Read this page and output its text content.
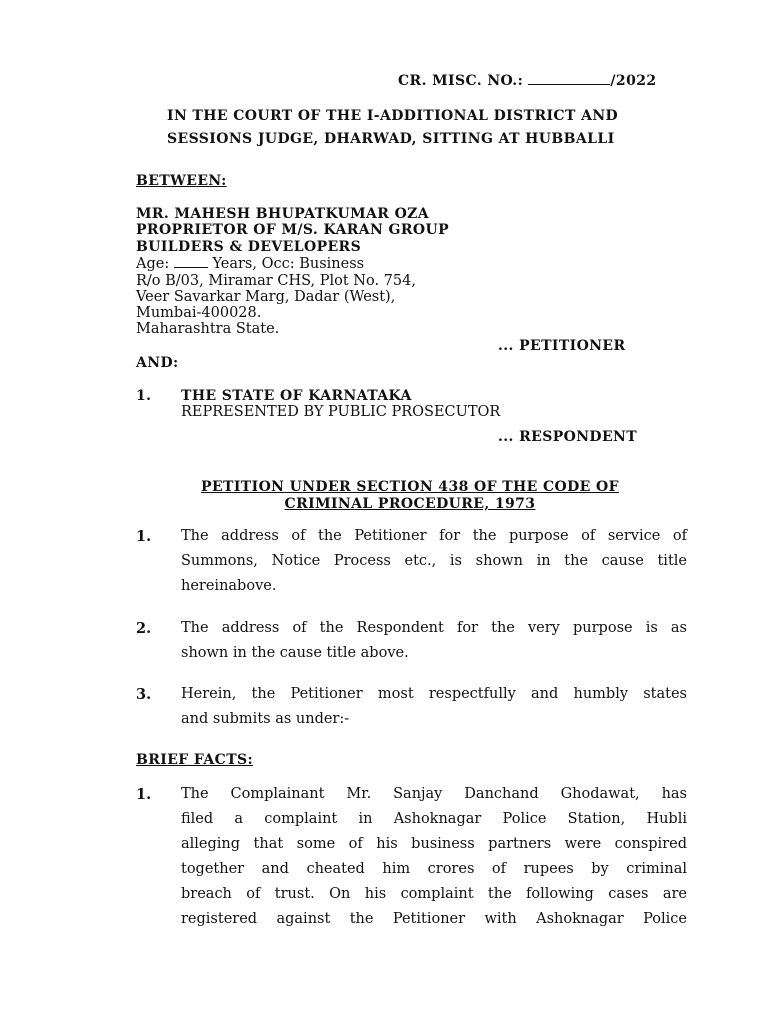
CR. MISC. NO.:	/2022
IN THE COURT OF THE I-ADDITIONAL DISTRICT AND
SESSIONS JUDGE, DHARWAD, SITTING AT HUBBALLI
BETWEEN:
MR. MAHESH BHUPATKUMAR OZA
PROPRIETOR OF M/S. KARAN GROUP
BUILDERS & DEVELOPERS
Age:  Years, Occ: Business
R/o B/03, Miramar CHS, Plot No. 754,
Veer Savarkar Marg, Dadar (West),
Mumbai-400028.
Maharashtra State.
... PETITIONER
AND:
1. THE STATE OF KARNATAKA
REPRESENTED BY PUBLIC PROSECUTOR
... RESPONDENT
PETITION UNDER SECTION 438 OF THE CODE OF
CRIMINAL PROCEDURE, 1973
1. The address of the Petitioner for the purpose of service of
Summons, Notice Process etc., is shown in the cause title
hereinabove.
2. The address of the Respondent for the very purpose is as
shown in the cause title above.
3. Herein, the Petitioner most respectfully and humbly states
and submits as under:-
BRIEF FACTS:
1. The Complainant Mr. Sanjay Danchand Ghodawat, has
filed a complaint in Ashoknagar Police Station, Hubli
alleging that some of his business partners were conspired
together and cheated him crores of rupees by criminal
breach of trust. On his complaint the following cases are
registered against the Petitioner with Ashoknagar Police
